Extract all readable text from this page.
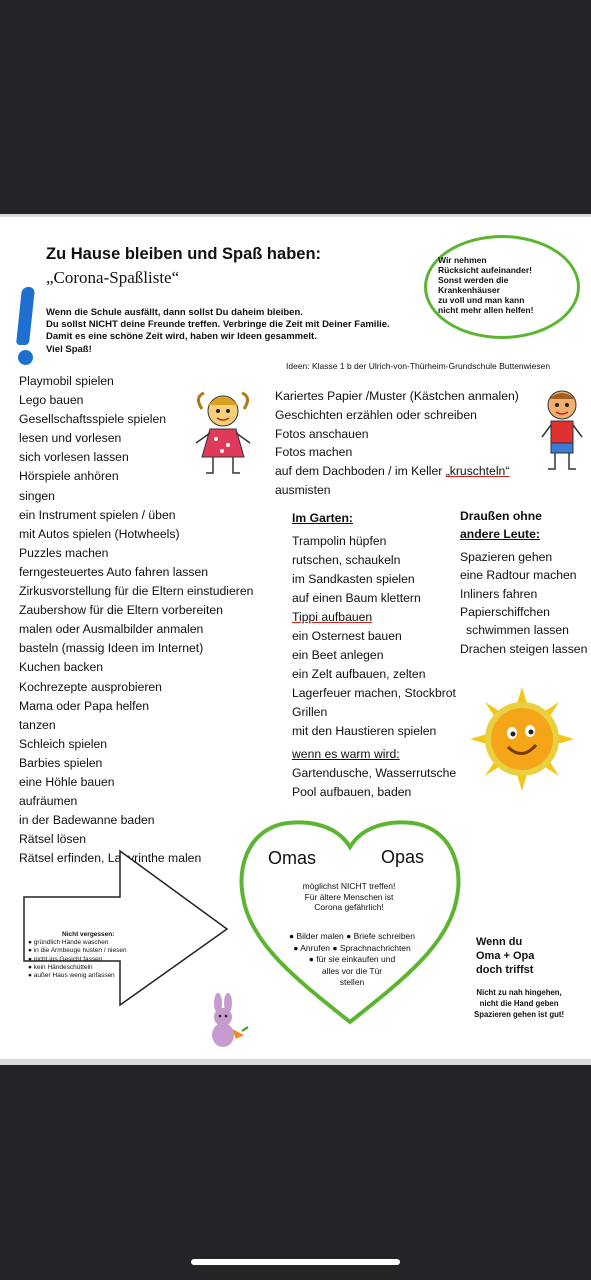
Zu Hause bleiben und Spaß haben:
„Corona-Spaßliste“
Wenn die Schule ausfällt, dann sollst Du daheim bleiben.
Du sollst NICHT deine Freunde treffen. Verbringe die Zeit mit Deiner Familie.
Damit es eine schöne Zeit wird, haben wir Ideen gesammelt.
Viel Spaß!
Wir nehmen
Rücksicht aufeinander!
Sonst werden die
Krankenhäuser
zu voll und man kann
nicht mehr allen helfen!
Ideen: Klasse 1 b der Ulrich-von-Thürheim-Grundschule Buttenwiesen
Playmobil spielen
Lego bauen
Gesellschaftsspiele spielen
lesen und vorlesen
sich vorlesen lassen
Hörspiele anhören
singen
ein Instrument spielen / üben
mit Autos spielen (Hotwheels)
Puzzles machen
ferngesteuertes Auto fahren lassen
Zirkusvorstellung für die Eltern einstudieren
Zaubershow für die Eltern vorbereiten
malen oder Ausmalbilder anmalen
basteln (massig Ideen im Internet)
Kuchen backen
Kochrezepte ausprobieren
Mama oder Papa helfen
tanzen
Schleich spielen
Barbies spielen
eine Höhle bauen
aufräumen
in der Badewanne baden
Rätsel lösen
Rätsel erfinden, Labyrinthe malen
Kariertes Papier /Muster (Kästchen anmalen)
Geschichten erzählen oder schreiben
Fotos anschauen
Fotos machen
auf dem Dachboden / im Keller „kruschteln“
ausmisten
Im Garten:
Trampolin hüpfen
rutschen, schaukeln
im Sandkasten spielen
auf einen Baum klettern
Tippi aufbauen
ein Osternest bauen
ein Beet anlegen
ein Zelt aufbauen, zelten
Lagerfeuer machen, Stockbrot
Grillen
mit den Haustieren spielen
wenn es warm wird:
Gartendusche, Wasserrutsche
Pool aufbauen, baden
Draußen ohne
andere Leute:
Spazieren gehen
eine Radtour machen
Inliners fahren
Papierschiffchen
schwimmen lassen
Drachen steigen lassen
Omas	Opas
möglichst NICHT treffen!
Für ältere Menschen ist
Corona gefährlich!
● Bilder malen ● Briefe schreiben
● Anrufen ● Sprachnachrichten
● für sie einkaufen und
alles vor die Tür
stellen
Nicht vergessen:
● gründlich Hände waschen
● in die Armbeuge husten / niesen
● nicht ins Gesicht fassen
● kein Händeschütteln
● außer Haus wenig anfassen
Wenn du
Oma + Opa
doch triffst
Nicht zu nah hingehen,
nicht die Hand geben
Spazieren gehen ist gut!
